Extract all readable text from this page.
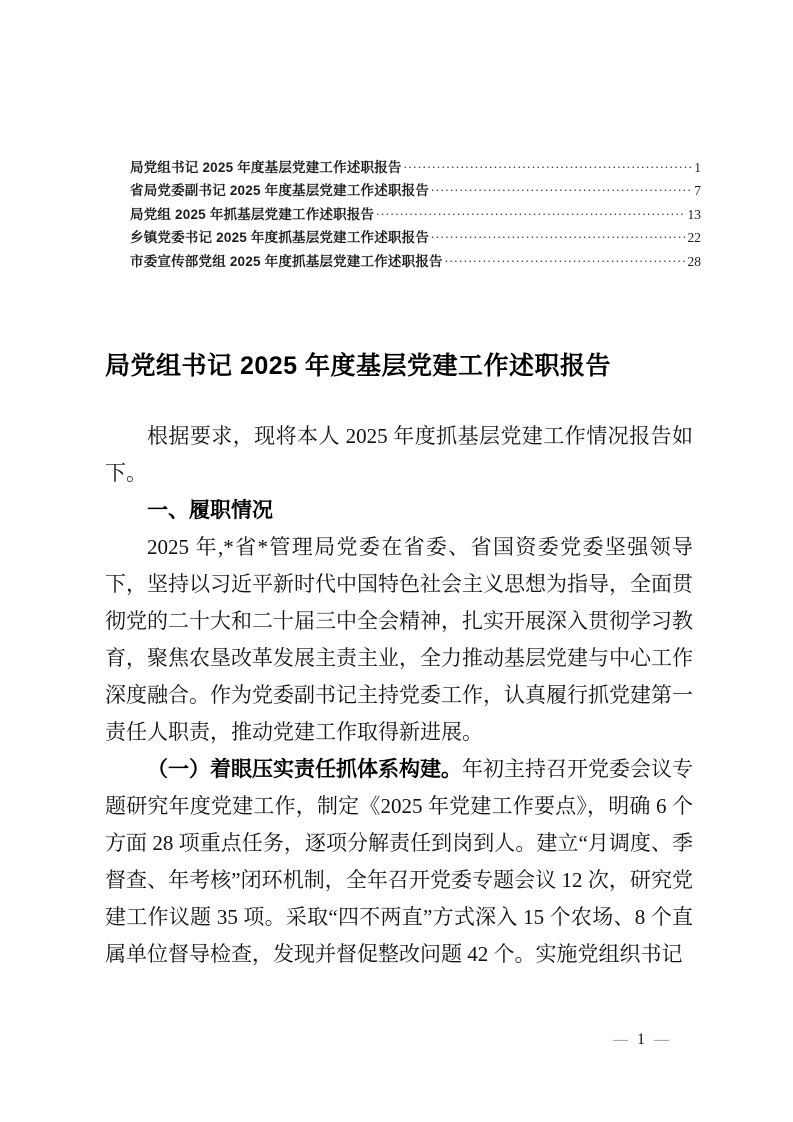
局党组书记 2025 年度基层党建工作述职报告 .....	1
省局党委副书记 2025 年度基层党建工作述职报告 .....	7
局党组 2025 年抓基层党建工作述职报告 .....	13
乡镇党委书记 2025 年度抓基层党建工作述职报告 .....	22
市委宣传部党组 2025 年度抓基层党建工作述职报告 .....	28
局党组书记 2025 年度基层党建工作述职报告

根据要求，现将本人 2025 年度抓基层党建工作情况报告如下。

一、履职情况

2025 年,*省*管理局党委在省委、省国资委党委坚强领导下，坚持以习近平新时代中国特色社会主义思想为指导，全面贯彻党的二十大和二十届三中全会精神，扎实开展深入贯彻学习教育，聚焦农垦改革发展主责主业，全力推动基层党建与中心工作深度融合。作为党委副书记主持党委工作，认真履行抓党建第一责任人职责，推动党建工作取得新进展。

（一）着眼压实责任抓体系构建。年初主持召开党委会议专题研究年度党建工作，制定《2025 年党建工作要点》，明确 6 个方面 28 项重点任务，逐项分解责任到岗到人。建立“月调度、季督查、年考核”闭环机制，全年召开党委专题会议 12 次，研究党建工作议题 35 项。采取“四不两直”方式深入 15 个农场、8 个直属单位督导检查，发现并督促整改问题 42 个。实施党组织书记

— 1 —
